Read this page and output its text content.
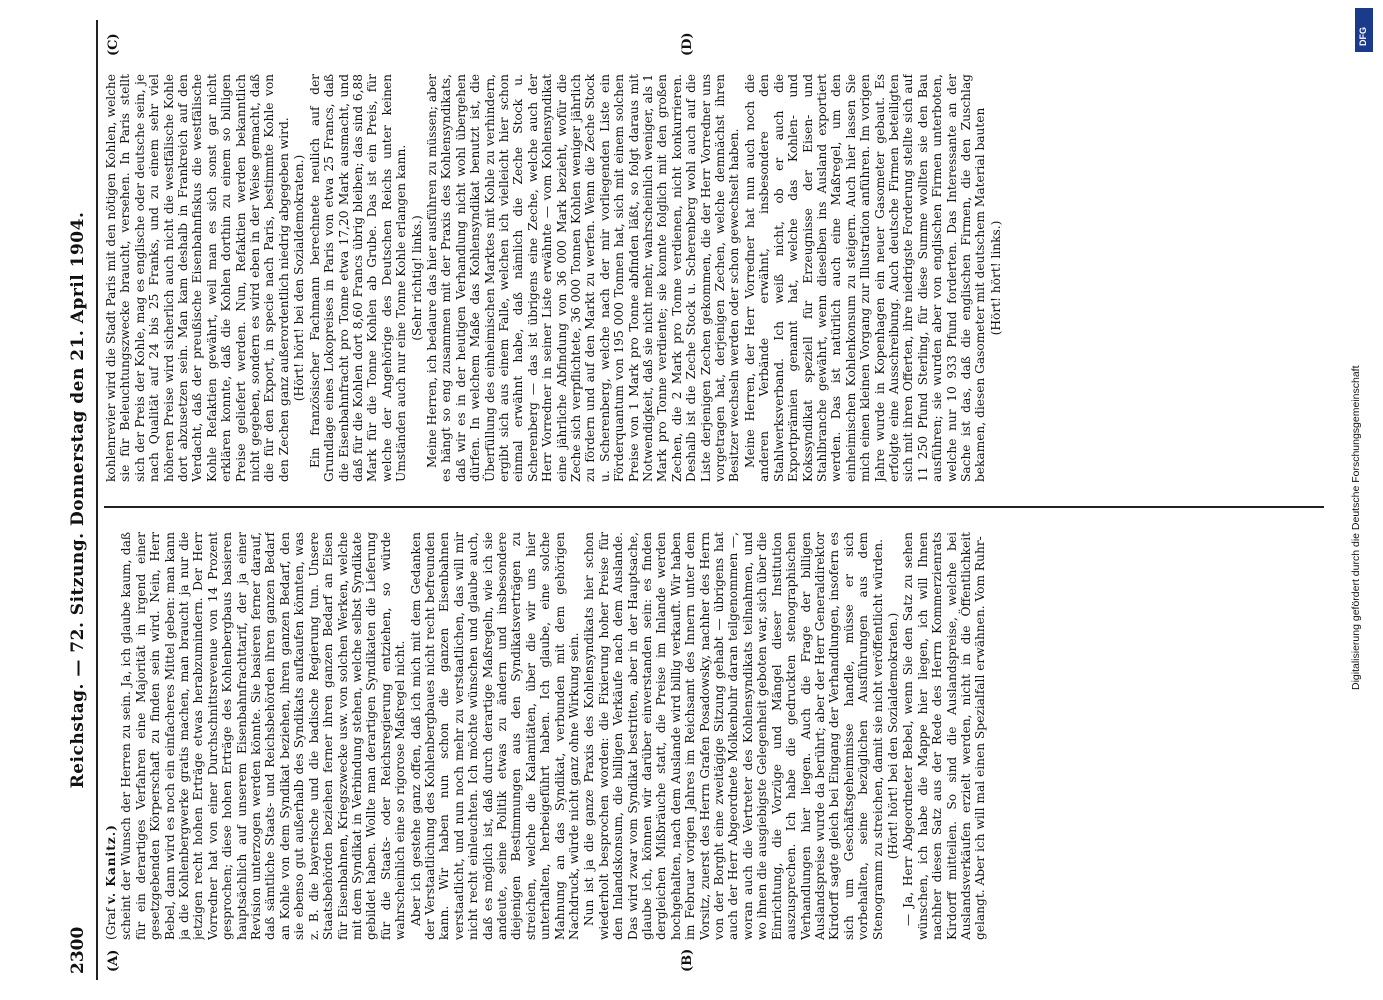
2300
Reichstag. — 72. Sitzung. Donnerstag den 21. April 1904.
(A)	(B)
(C)	(D)

(Graf v. Kanitz.) scheint der Wunsch der Herren zu sein. Ja, ich glaube kaum, daß für ein derartiges Verfahren eine Majorität in irgend einer gesetzgebenden Körperschaft zu finden sein wird. Nein, Herr Bebel, dann wird es noch ein einfacheres Mittel geben: man kann ja die Kohlenbergwerke gratis machen, man braucht ja nur die jetzigen recht hohen Erträge etwas herabzumindern. Der Herr Vorredner hat von einer Durchschnittsrevenue von 14 Prozent gesprochen; diese hohen Erträge des Kohlenbergbaus basieren hauptsächlich auf unserem Eisenbahnfrachttarif, der ja einer Revision unterzogen werden könnte. Sie basieren ferner darauf, daß sämtliche Staats- und Reichsbehörden ihren ganzen Bedarf an Kohle von dem Syndikat beziehen, ihren ganzen Bedarf, den sie ebenso gut außerhalb des Syndikats aufkaufen könnten, was z. B. die bayerische und die badische Regierung tun. Unsere Staatsbehörden beziehen ferner ihren ganzen Bedarf an Eisen für Eisenbahnen, Kriegszwecke usw. von solchen Werken, welche mit dem Syndikat in Verbindung stehen, welche selbst Syndikate gebildet haben. Wollte man derartigen Syndikaten die Lieferung für die Staats- oder Reichsregierung entziehen, so würde wahrscheinlich eine so rigorose Maßregel nicht. Aber ich gestehe ganz offen, daß ich mich mit dem Gedanken der Verstaatlichung des Kohlenbergbaues nicht recht befreunden kann. Wir haben nun schon die ganzen Eisenbahnen verstaatlicht, und nun noch mehr zu verstaatlichen, das will mir nicht recht einleuchten. Ich möchte wünschen und glaube auch, daß es möglich ist, daß durch derartige Maßregeln, wie ich sie andeute, seine Politik etwas zu ändern und insbesondere diejenigen Bestimmungen aus den Syndikatsverträgen zu streichen, welche die Kalamitäten, über die wir uns hier unterhalten, herbeigeführt haben. Ich glaube, eine solche Mahnung an das Syndikat, verbunden mit dem gehörigen Nachdruck, würde nicht ganz ohne Wirkung sein. Nun ist ja die ganze Praxis des Kohlensyndikats hier schon wiederholt besprochen worden: die Fixierung hoher Preise für den Inlandskonsum, die billigen Verkäufe nach dem Auslande. Das wird zwar vom Syndikat bestritten, aber in der Hauptsache, glaube ich, können wir darüber einverstanden sein: es finden dergleichen Mißbräuche statt, die Preise im Inlande werden hochgehalten, nach dem Auslande wird billig verkauft. Wir haben im Februar vorigen Jahres im Reichsamt des Innern unter dem Vorsitz, zuerst des Herrn Grafen Posadowsky, nachher des Herrn von der Borght eine zweitägige Sitzung gehabt — übrigens hat auch der Herr Abgeordnete Molkenbuhr daran teilgenommen —, woran auch die Vertreter des Kohlensyndikats teilnahmen, und wo ihnen die ausgiebigste Gelegenheit geboten war, sich über die Einrichtung, die Vorzüge und Mängel dieser Institution auszusprechen. Ich habe die gedruckten stenographischen Verhandlungen hier liegen. Auch die Frage der billigen Auslandspreise wurde da berührt; aber der Herr Generaldirektor Kirdorff sagte gleich bei Eingang der Verhandlungen, insofern es sich um Geschäftsgeheimnisse handle, müsse er sich vorbehalten, seine bezüglichen Ausführungen aus dem Stenogramm zu streichen, damit sie nicht veröffentlicht würden. (Hört! hört! bei den Sozialdemokraten.) — Ja, Herr Abgeordneter Bebel, wenn Sie den Satz zu sehen wünschen, ich habe die Mappe hier liegen, ich will Ihnen nachher diesen Satz aus der Rede des Herrn Kommerzienrats Kirdorff mitteilen. So sind die Auslandspreise, welche bei Auslandsverkäufen erzielt werden, nicht in die Öffentlichkeit gelangt. Aber ich will mal einen Spezialfall erwähnen. Vom Ruhr-

kohlenrevier wird die Stadt Paris mit den nötigen Kohlen, welche sie für Beleuchtungszwecke braucht, versehen. In Paris stellt sich der Preis der Kohle, mag es englische oder deutsche sein, je nach Qualität auf 24 bis 25 Franks, und zu einem sehr viel höheren Preise wird sicherlich auch nicht die westfälische Kohle dort abzusetzen sein. Man kam deshalb in Frankreich auf den Verdacht, daß der preußische Eisenbahnfiskus die westfälische Kohle Refaktien gewährt, weil man es sich sonst gar nicht erklären konnte, daß die Kohlen dorthin zu einem so billigen Preise geliefert werden. Nun, Refaktien werden bekanntlich nicht gegeben, sondern es wird eben in der Weise gemacht, daß die für den Export, in specie nach Paris, bestimmte Kohle von den Zechen ganz außerordentlich niedrig abgegeben wird. (Hört! hört! bei den Sozialdemokraten.) Ein französischer Fachmann berechnete neulich auf der Grundlage eines Lokopreises in Paris von etwa 25 Francs, daß die Eisenbahnfracht pro Tonne etwa 17,20 Mark ausmacht, und daß für die Kohlen dort 8,60 Francs übrig bleiben; das sind 6,88 Mark für die Tonne Kohlen ab Grube. Das ist ein Preis, für welche der Angehörige des Deutschen Reichs unter keinen Umständen auch nur eine Tonne Kohle erlangen kann. (Sehr richtig! links.) Meine Herren, ich bedaure das hier ausführen zu müssen; aber es hängt so eng zusammen mit der Praxis des Kohlensyndikats, daß wir es in der heutigen Verhandlung nicht wohl übergehen dürfen. In welchem Maße das Kohlensyndikat benutzt ist, die Überfüllung des einheimischen Marktes mit Kohle zu verhindern, ergibt sich aus einem Falle, welchen ich vielleicht hier schon einmal erwähnt habe, daß nämlich die Zeche Stock u. Scherenberg — das ist übrigens eine Zeche, welche auch der Herr Vorredner in seiner Liste erwähnte — vom Kohlensyndikat eine jährliche Abfindung von 36 000 Mark bezieht, wofür die Zeche sich verpflichtete, 36 000 Tonnen Kohlen weniger jährlich zu fördern und auf den Markt zu werfen. Wenn die Zeche Stock u. Scherenberg, welche nach der mir vorliegenden Liste ein Förderquantum von 195 000 Tonnen hat, sich mit einem solchen Preise von 1 Mark pro Tonne abfinden läßt, so folgt daraus mit Notwendigkeit, daß sie nicht mehr, wahrscheinlich weniger, als 1 Mark pro Tonne verdiente; sie konnte folglich mit den großen Zechen, die 2 Mark pro Tonne verdienen, nicht konkurrieren. Deshalb ist die Zeche Stock u. Scherenberg wohl auch auf die Liste derjenigen Zechen gekommen, die der Herr Vorredner uns vorgetragen hat, derjenigen Zechen, welche demnächst ihren Besitzer wechseln werden oder schon gewechselt haben. Meine Herren, der Herr Vorredner hat nun auch noch die anderen Verbände erwähnt, insbesondere den Stahlwerksverband. Ich weiß nicht, ob er auch die Exportprämien genannt hat, welche das Kohlen- und Kokssyndikat speziell für Erzeugnisse der Eisen- und Stahlbranche gewährt, wenn dieselben ins Ausland exportiert werden. Das ist natürlich auch eine Maßregel, um den einheimischen Kohlenkonsum zu steigern. Auch hier lassen Sie mich einen kleinen Vorgang zur Illustration anführen. Im vorigen Jahre wurde in Kopenhagen ein neuer Gasometer gebaut. Es erfolgte eine Ausschreibung. Auch deutsche Firmen beteiligten sich mit ihren Offerten, ihre niedrigste Forderung stellte sich auf 11 250 Pfund Sterling, für diese Summe wollten sie den Bau ausführen; sie wurden aber von englischen Firmen unterboten, welche nur 10 933 Pfund forderten. Das Interessante an der Sache ist das, daß die englischen Firmen, die den Zuschlag bekamen, diesen Gasometer mit deutschem Material bauten (Hört! hört! links.)

DFG
Digitalisierung gefördert durch die Deutsche Forschungsgemeinschaft
